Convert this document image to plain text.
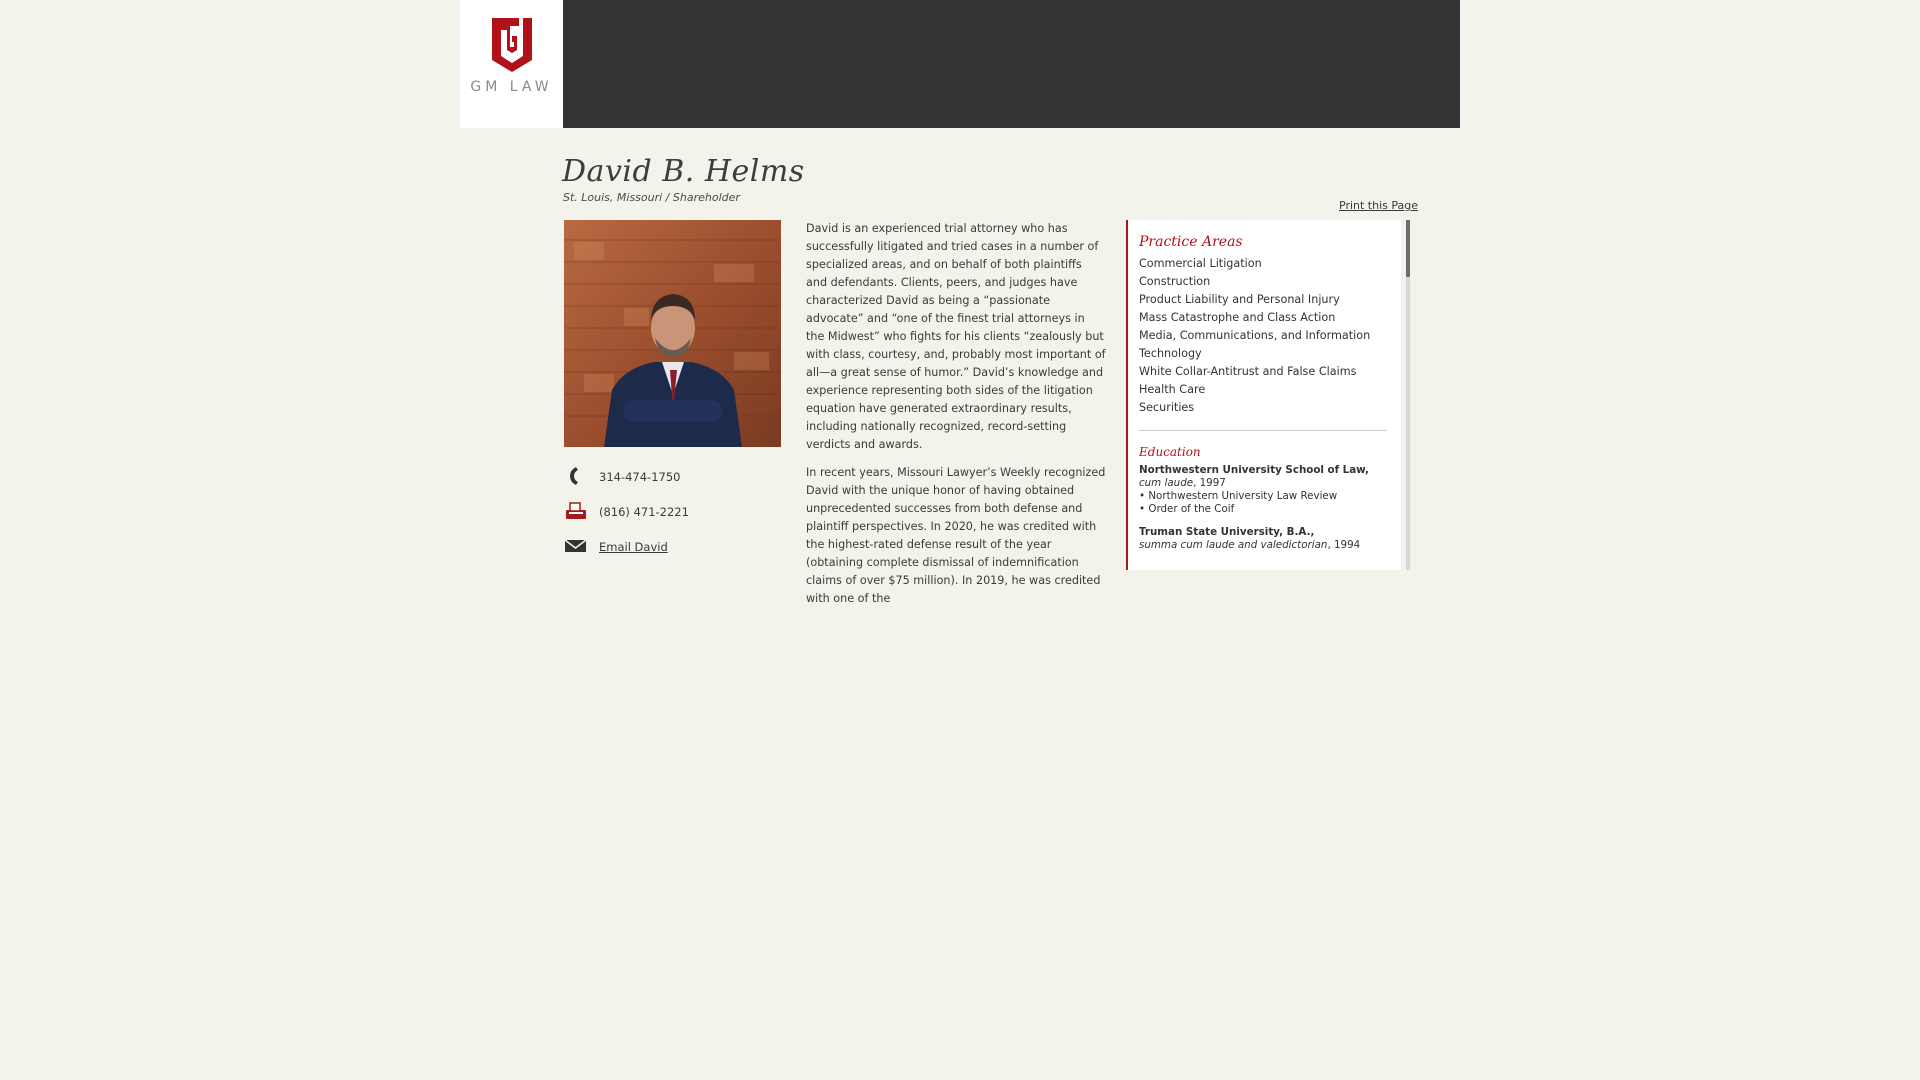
GM LAW
David B. Helms
St. Louis, Missouri / Shareholder
Print this Page
314-474-1750
(816) 471-2221
Email David

David is an experienced trial attorney who has successfully litigated and tried cases in a number of specialized areas, and on behalf of both plaintiffs and defendants. Clients, peers, and judges have characterized David as being a “passionate advocate” and “one of the finest trial attorneys in the Midwest” who fights for his clients “zealously but with class, courtesy, and, probably most important of all—a great sense of humor.” David’s knowledge and experience representing both sides of the litigation equation have generated extraordinary results, including nationally recognized, record-setting verdicts and awards.

In recent years, Missouri Lawyer’s Weekly recognized David with the unique honor of having obtained unprecedented successes from both defense and plaintiff perspectives. In 2020, he was credited with the highest-rated defense result of the year (obtaining complete dismissal of indemnification claims of over $75 million). In 2019, he was credited with one of the

Practice Areas
Commercial Litigation
Construction
Product Liability and Personal Injury
Mass Catastrophe and Class Action
Media, Communications, and Information Technology
White Collar-Antitrust and False Claims
Health Care
Securities
Education
Northwestern University School of Law,
cum laude, 1997
• Northwestern University Law Review
• Order of the Coif
Truman State University, B.A.,
summa cum laude and valedictorian, 1994
